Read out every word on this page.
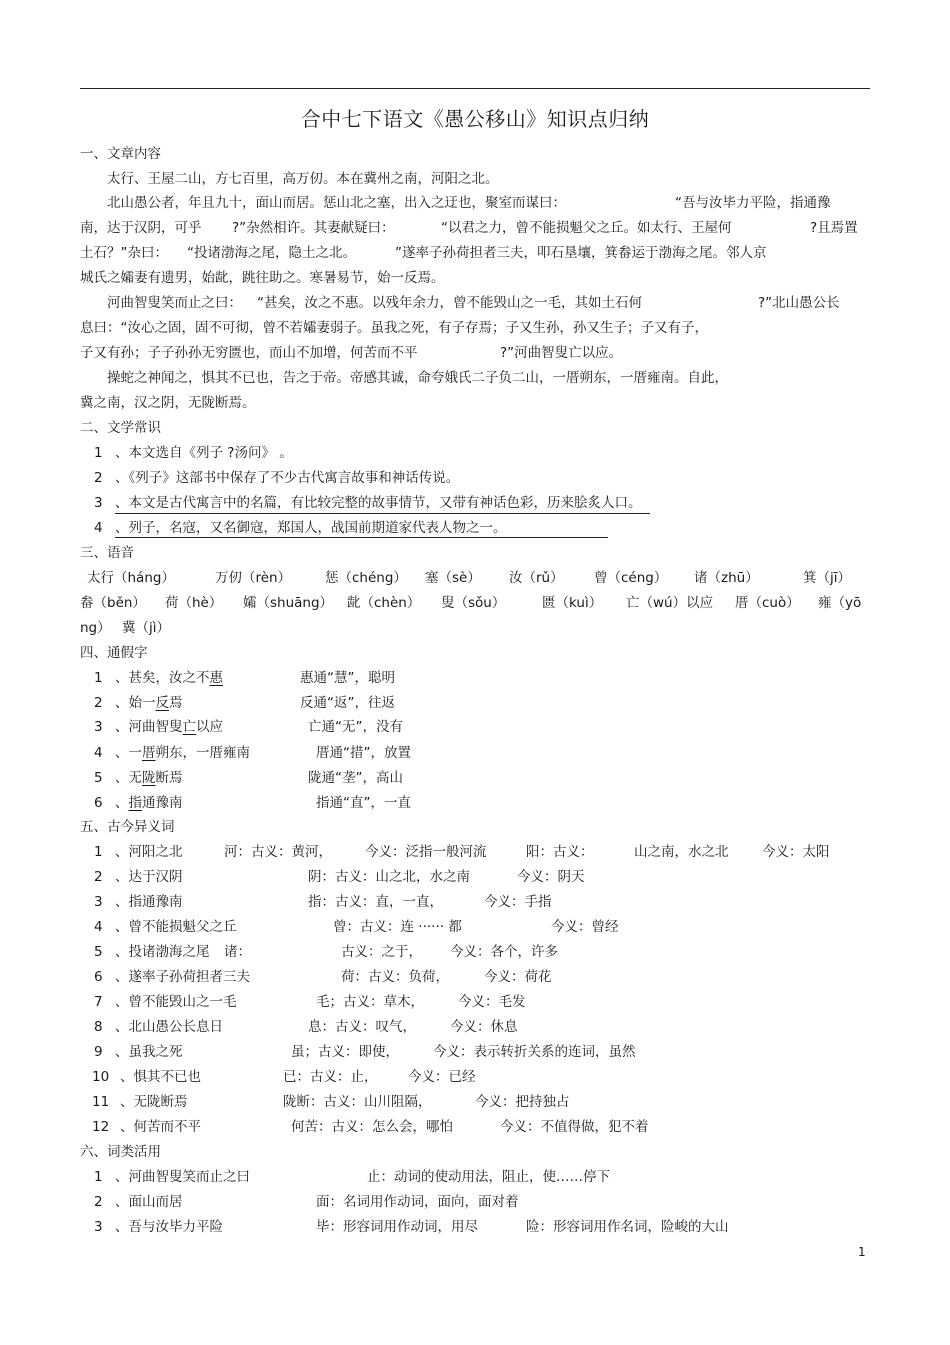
合中七下语文《愚公移山》知识点归纳
一、文章内容
太行、王屋二山，方七百里，高万仞。本在冀州之南，河阳之北。
北山愚公者，年且九十，面山而居。惩山北之塞，出入之迂也，聚室而谋曰：	“吾与汝毕力平险，指通豫
南，达于汉阴，可乎 ?”杂然相许。其妻献疑曰：	“以君之力，曾不能损魁父之丘。如太行、王屋何	?且焉置
土石？”杂曰： “投诸渤海之尾，隐土之北。	”遂率子孙荷担者三夫，叩石垦壤，箕畚运于渤海之尾。邻人京
城氏之孀妻有遗男，始龀，跳往助之。寒暑易节，始一反焉。
河曲智叟笑而止之曰： “甚矣，汝之不惠。以残年余力，曾不能毁山之一毛，其如土石何	?”北山愚公长
息曰：“汝心之固，固不可彻，曾不若孀妻弱子。虽我之死，有子存焉；子又生孙，孙又生子；子又有子，
子又有孙；子子孙孙无穷匮也，而山不加增，何苦而不平	?”河曲智叟亡以应。
操蛇之神闻之，惧其不已也，告之于帝。帝感其诚，命夸娥氏二子负二山，一厝朔东，一厝雍南。自此，
冀之南，汉之阴，无陇断焉。
二、文学常识
1 、本文选自《列子 ?汤问》 。
2 、《列子》这部书中保存了不少古代寓言故事和神话传说。
3 、本文是古代寓言中的名篇，有比较完整的故事情节，又带有神话色彩，历来脍炙人口。
4 、列子，名寇，又名御寇，郑国人，战国前期道家代表人物之一。
三、语音
太行（háng）	万仞（rèn）	惩（chéng） 塞（sè） 汝（rǔ） 曾（céng） 诸（zhū）	箕（jī）
畚（běn） 荷（hè） 孀（shuāng） 龀（chèn） 叟（sǒu）	匮（kuì） 亡（wú）以应 厝（cuò） 雍（yō
ng） 冀（jì）
四、通假字
1 、甚矣，汝之不惠	惠通“慧”，聪明
2 、始一反焉	反通“返”，往返
3 、河曲智叟亡以应	亡通“无”，没有
4 、一厝朔东，一厝雍南	厝通“措”，放置
5 、无陇断焉	陇通“垄”，高山
6 、指通豫南	指通“直”，一直
五、古今异义词
1 、河阳之北	河：古义：黄河， 今义：泛指一般河流	阳：古义：	山之南，水之北 今义：太阳
2 、达于汉阴	阴：古义：山之北，水之南	今义：阴天
3 、指通豫南	指：古义：直，一直，	今义：手指
4 、曾不能损魁父之丘	曾：古义：连 ······ 都	今义：曾经
5 、投诸渤海之尾 诸：	古义：之于， 今义：各个，许多
6 、遂率子孙荷担者三夫	荷：古义：负荷，	今义：荷花
7 、曾不能毁山之一毛	毛；古义：草木，	今义：毛发
8 、北山愚公长息日	息：古义：叹气，	今义：休息
9 、虽我之死	虽；古义：即使，	今义：表示转折关系的连词，虽然
10 、惧其不已也	已：古义：止， 今义：已经
11 、无陇断焉	陇断：古义：山川阻隔，	今义：把持独占
12 、何苦而不平	何苦：古义：怎么会，哪怕	今义：不值得做，犯不着
六、词类活用
1 、河曲智叟笑而止之曰	止：动词的使动用法，阻止，使……停下
2 、面山而居	面：名词用作动词，面向，面对着
3 、吾与汝毕力平险	毕：形容词用作动词，用尽	险：形容词用作名词，险峻的大山
1
